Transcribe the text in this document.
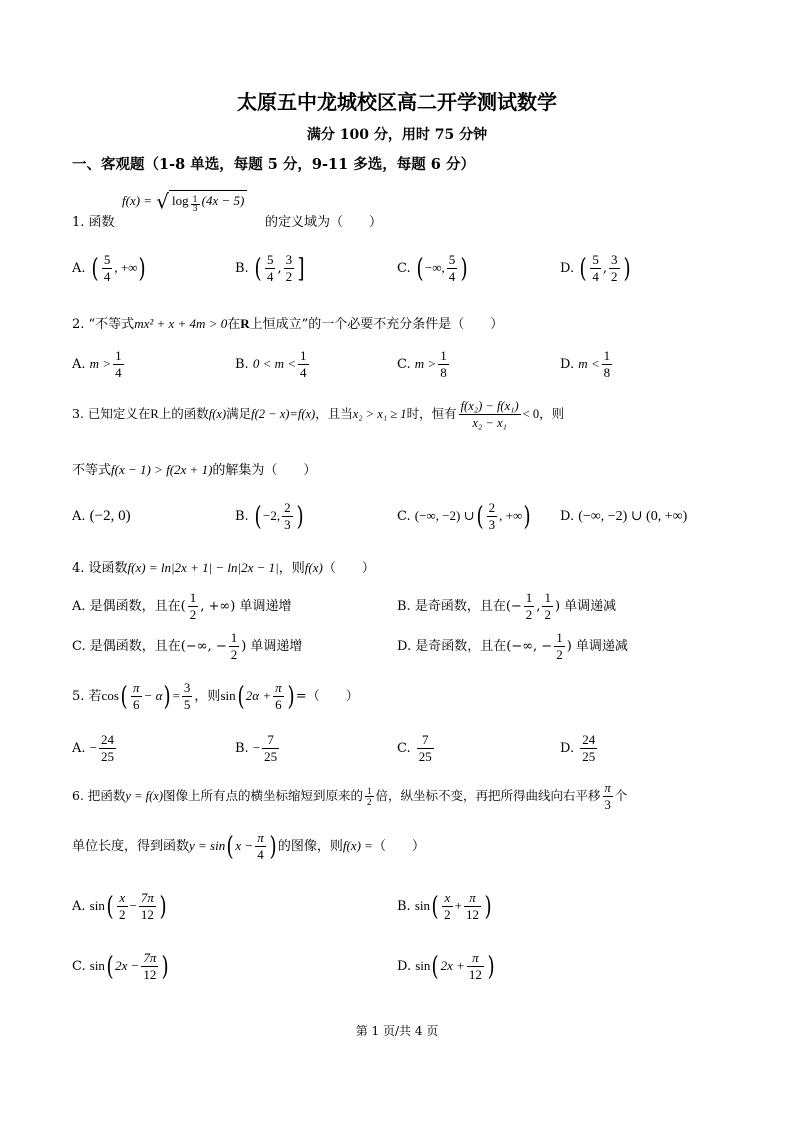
太原五中龙城校区高二开学测试数学
满分 100 分，用时 75 分钟
一、客观题（1-8 单选，每题 5 分，9-11 多选，每题 6 分）
f(x) = √ $\log \frac{1}{3} (4x - 5)$
1. 函数	的定义域为（　　）
A. ( $\frac{5}{4}$ , +∞)	B. ( $\frac{5}{4}$ , $\frac{3}{2}$ ]	C. ( −∞, $\frac{5}{4}$ )	D. ( $\frac{5}{4}$ , $\frac{3}{2}$ )
2. “不等式mx² + x + 4m > 0在R上恒成立”的一个必要不充分条件是（　　）
A. $m > \frac{1}{4}$	B. $0 < m < \frac{1}{4}$	C. $m > \frac{1}{8}$	D. $m < \frac{1}{8}$
3. 已知定义在R上的函数f(x)满足f(2 − x)=f(x)，且当x₂ > x₁ ≥ 1时，恒有 $\frac{\text{f(x₂) − f(x₁)}}{\text{x₂ − x₁}} < 0$，则
不等式f(x − 1) > f(2x + 1)的解集为（　　）
A. (−2, 0)	B. ( −2, $\frac{2}{3}$ )	C. (−∞, −2) ∪( $\frac{2}{3}$ , +∞) D. (−∞, −2) ∪ (0, +∞)
4. 设函数f(x) = ln|2x + 1| − ln|2x − 1|，则f(x)（　　）
A. 是偶函数，且在( $\frac{1}{2}$ , +∞) 单调递增	B. 是奇函数，且在(− $\frac{1}{2}$ , $\frac{1}{2}$ ) 单调递减
C. 是偶函数，且在(−∞, − $\frac{1}{2}$ ) 单调递增	D. 是奇函数，且在(−∞, − $\frac{1}{2}$ ) 单调递减
5. 若$\cos( \frac{\pi}{6} - \alpha) = \frac{3}{5}$ ，则sin( $2\alpha + \frac{\pi}{6}$ ) =（　　）
A. − $\frac{24}{25}$	B. − $\frac{7}{25}$	C. $\frac{7}{25}$	D. $\frac{24}{25}$
6. 把函数y = f(x)图像上所有点的横坐标缩短到原来的 $\frac{1}{2}$ 倍，纵坐标不变，再把所得曲线向右平移 $\frac{\pi}{3}$ 个
单位长度，得到函数y = sin( $x - \frac{\pi}{4}$ ) 的图像，则f(x) =（　　）
A. $\sin( \frac{x}{2} - \frac{7\pi}{12}$ )	B. $\sin( \frac{x}{2} + \frac{\pi}{12}$ )
C. sin( $2x - \frac{7\pi}{12}$ )	D. sin( $2x + \frac{\pi}{12}$ )
第 1 页/共 4 页
